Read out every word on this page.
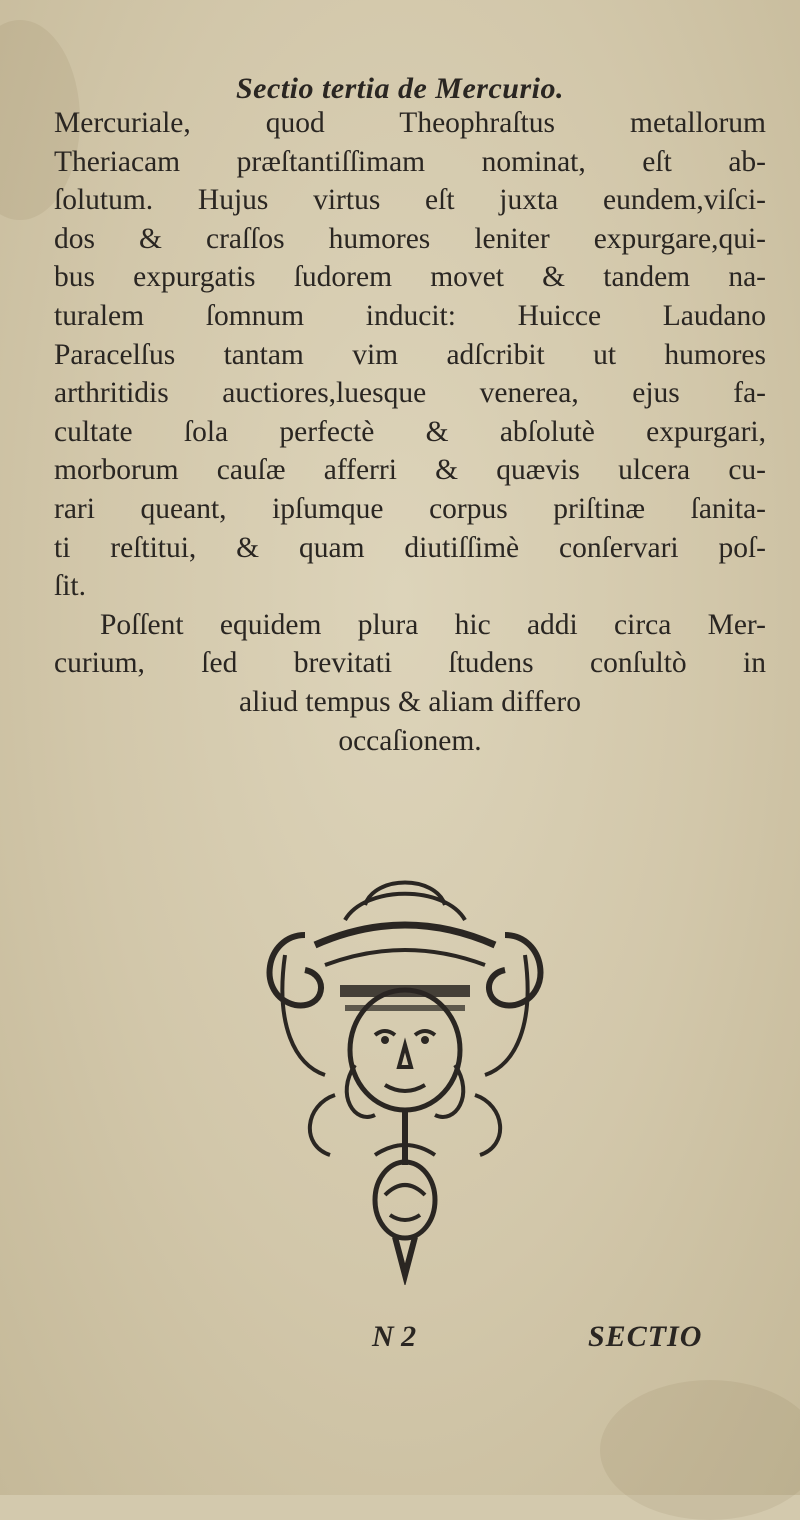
Sectio tertia de Mercurio.
Mercuriale, quod Theophraſtus metallorum
Theriacam præſtantiſſimam nominat, eſt ab-
ſolutum. Hujus virtus eſt juxta eundem,viſci-
dos & craſſos humores leniter expurgare,qui-
bus expurgatis ſudorem movet & tandem na-
turalem ſomnum inducit: Huicce Laudano
Paracelſus tantam vim adſcribit ut humores
arthritidis auctiores,luesque venerea, ejus fa-
cultate ſola perfectè & abſolutè expurgari,
morborum cauſæ afferri & quævis ulcera cu-
rari queant, ipſumque corpus priſtinæ ſanita-
ti reſtitui, & quam diutiſſimè conſervari poſ-
ſit.
Poſſent equidem plura hic addi circa Mer-
curium, ſed brevitati ſtudens conſultò in
aliud tempus & aliam differo
occaſionem.
N 2	SECTIO
